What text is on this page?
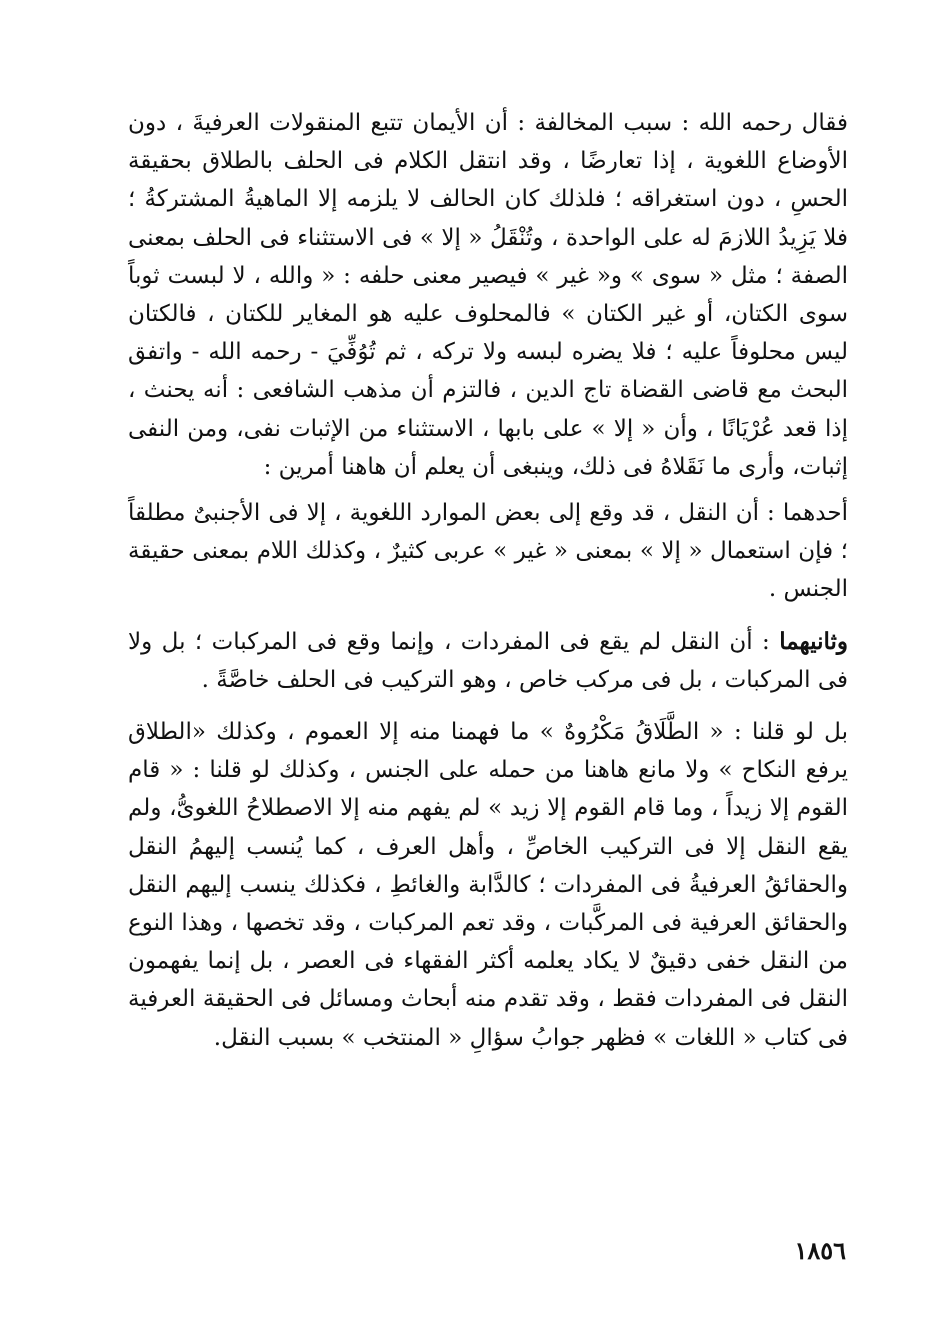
فقال رحمه الله : سبب المخالفة : أن الأيمان تتبع المنقولات العرفيةَ ، دون الأوضاع اللغوية ، إذا تعارضًا ، وقد انتقل الكلام فى الحلف بالطلاق بحقيقة الحسِ ، دون استغراقه ؛ فلذلك كان الحالف لا يلزمه إلا الماهيةُ المشتركةُ ؛ فلا يَزِيدُ اللازمَ له على الواحدة ، وتُنْقَلُ « إلا » فى الاستثناء فى الحلف بمعنى الصفة ؛ مثل « سوى » و« غير » فيصير معنى حلفه : « والله ، لا لبست ثوباً سوى الكتان، أو غير الكتان » فالمحلوف عليه هو المغاير للكتان ، فالكتان ليس محلوفاً عليه ؛ فلا يضره لبسه ولا تركه ، ثم تُوُفِّيَ - رحمه الله - واتفق البحث مع قاضى القضاة تاج الدين ، فالتزم أن مذهب الشافعى : أنه يحنث ، إذا قعد عُرْيَانًا ، وأن « إلا » على بابها ، الاستثناء من الإثبات نفى، ومن النفى إثبات، وأرى ما نَقَلاهُ فى ذلك، وينبغى أن يعلم أن هاهنا أمرين :

أحدهما : أن النقل ، قد وقع إلى بعض الموارد اللغوية ، إلا فى الأجنبىٌ مطلقاً ؛ فإن استعمال « إلا » بمعنى « غير » عربى كثيرٌ ، وكذلك اللام بمعنى حقيقة الجنس .

وثانيهما : أن النقل لم يقع فى المفردات ، وإنما وقع فى المركبات ؛ بل ولا فى المركبات ، بل فى مركب خاص ، وهو التركيب فى الحلف خاصَّةً .

بل لو قلنا : « الطَّلَاقُ مَكْرُوهٌ » ما فهمنا منه إلا العموم ، وكذلك «الطلاق يرفع النكاح » ولا مانع هاهنا من حمله على الجنس ، وكذلك لو قلنا : « قام القوم إلا زيداً ، وما قام القوم إلا زيد » لم يفهم منه إلا الاصطلاحُ اللغوىُّ، ولم يقع النقل إلا فى التركيب الخاصِّ ، وأهل العرف ، كما يُنسب إليهمُ النقل والحقائقُ العرفيةُ فى المفردات ؛ كالدَّابة والغائطِ ، فكذلك ينسب إليهم النقل والحقائق العرفية فى المركَّبات ، وقد تعم المركبات ، وقد تخصها ، وهذا النوع من النقل خفى دقيقٌ لا يكاد يعلمه أكثر الفقهاء فى العصر ، بل إنما يفهمون النقل فى المفردات فقط ، وقد تقدم منه أبحاث ومسائل فى الحقيقة العرفية فى كتاب « اللغات » فظهر جوابُ سؤالِ « المنتخب » بسبب النقل.

١٨٥٦
